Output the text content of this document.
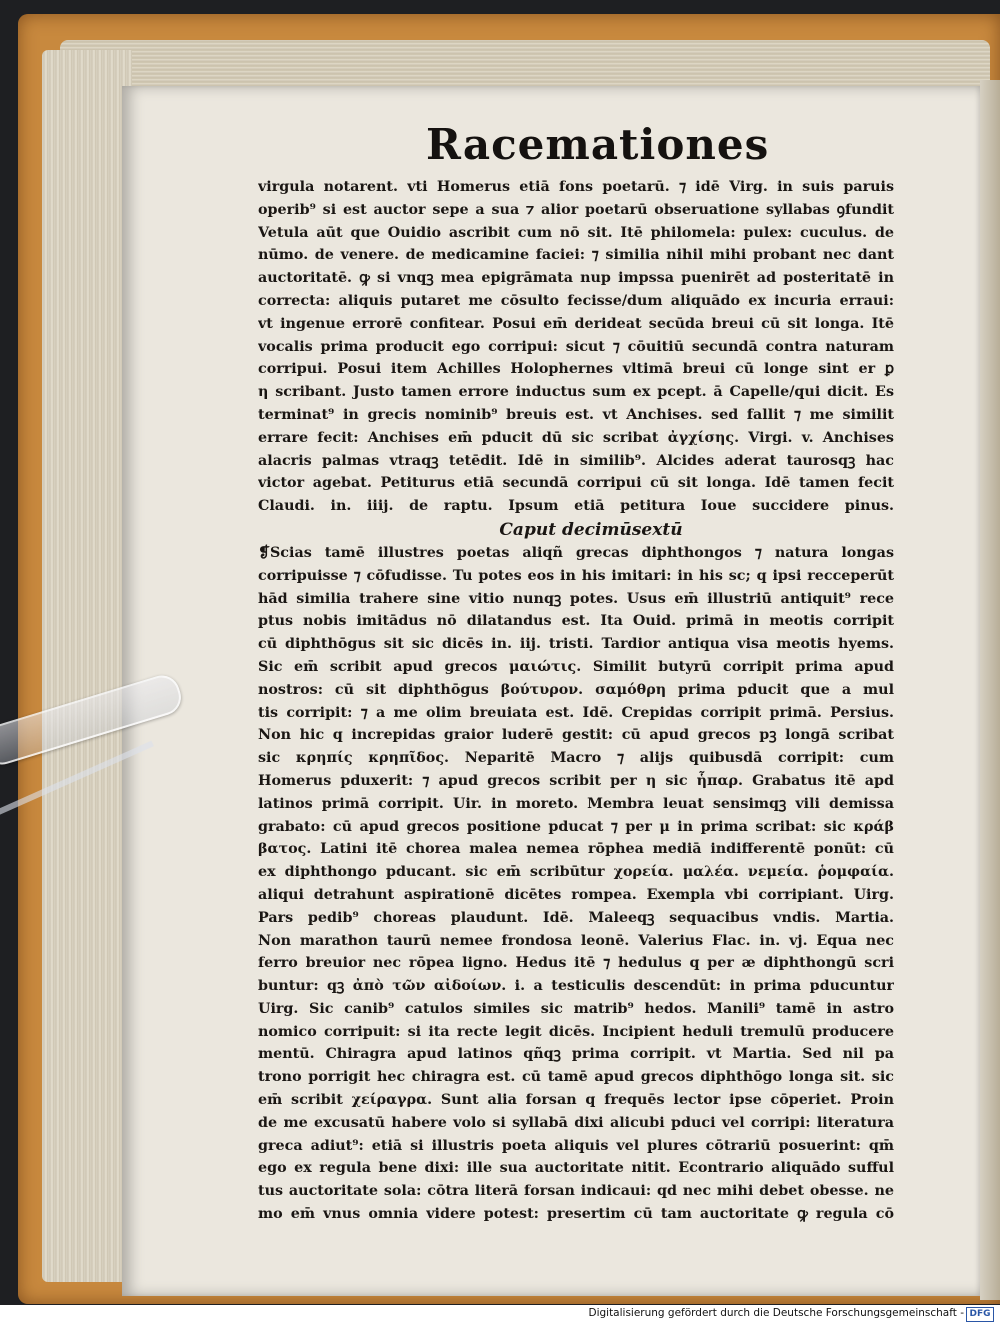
Racemationes
virgula notarent. vti Homerus etiā fons poetarū. ⁊ idē Virg. in suis paruis
operib⁹ si est auctor sepe a sua ⁊ alior poetarū obseruatione syllabas ꝯfundit
Vetula aūt que Ouidio ascribit cum nō sit. Itē philomela: pulex: cuculus. de
nūmo. de venere. de medicamine faciei: ⁊ similia nihil mihi probant nec dant
auctoritatē. ꝙ si vnqꝫ mea epigrāmata nup impssa puenirēt ad posteritatē in
correcta: aliquis putaret me cōsulto fecisse/dum aliquādo ex incuria erraui:
vt ingenue errorē confitear. Posui em̄ derideat secūda breui cū sit longa. Itē
vocalis prima producit ego corripui: sicut ⁊ cōuitiū secundā contra naturam
corripui. Posui item Achilles Holophernes vltimā breui cū longe sint er ꝑ
η scribant. Justo tamen errore inductus sum ex pcept. ā Capelle/qui dicit. Es
terminat⁹ in grecis nominib⁹ breuis est. vt Anchises. sed fallit ⁊ me similit
errare fecit: Anchises em̄ pducit dū sic scribat ἀγχίσης. Virgi. v. Anchises
alacris palmas vtraqꝫ tetēdit. Idē in similib⁹. Alcides aderat taurosqꝫ hac
victor agebat. Petiturus etiā secundā corripui cū sit longa. Idē tamen fecit
Claudi. in. iiij. de raptu. Ipsum etiā petitura Ioue succidere pinus.
Caput decimūsextū
❡Scias tamē illustres poetas aliqñ grecas diphthongos ⁊ natura longas
corripuisse ⁊ cōfudisse. Tu potes eos in his imitari: in his sc; q ipsi recceperūt
hād similia trahere sine vitio nunqꝫ potes. Usus em̄ illustriū antiquit⁹ rece
ptus nobis imitādus nō dilatandus est. Ita Ouid. primā in meotis corripit
cū diphthōgus sit sic dicēs in. iij. tristi. Tardior antiqua visa meotis hyems.
Sic em̄ scribit apud grecos μαιώτις. Similit butyrū corripit prima apud
nostros: cū sit diphthōgus βούτυρον. σαμόθρη prima pducit que a mul
tis corripit: ⁊ a me olim breuiata est. Idē. Crepidas corripit primā. Persius.
Non hic q increpidas graior luderē gestit: cū apud grecos pꝫ longā scribat
sic κρηπίς κρηπῖδος. Neparitē Macro ⁊ alijs quibusdā corripit: cum
Homerus pduxerit: ⁊ apud grecos scribit per η sic ἧπαρ. Grabatus itē apd
latinos primā corripit. Uir. in moreto. Membra leuat sensimqꝫ vili demissa
grabato: cū apud grecos positione pducat ⁊ per μ in prima scribat: sic κράβ
βατος. Latini itē chorea malea nemea rōphea mediā indifferentē ponūt: cū
ex diphthongo pducant. sic em̄ scribūtur χορεία. μαλέα. νεμεία. ῥομφαία.
aliqui detrahunt aspirationē dicētes rompea. Exempla vbi corripiant. Uirg.
Pars pedib⁹ choreas plaudunt. Idē. Maleeqꝫ sequacibus vndis. Martia.
Non marathon taurū nemee frondosa leonē. Valerius Flac. in. vj. Equa nec
ferro breuior nec rōpea ligno. Hedus itē ⁊ hedulus q per æ diphthongū scri
buntur: qꝫ ἀπὸ τῶν αἰδοίων. i. a testiculis descendūt: in prima pducuntur
Uirg. Sic canib⁹ catulos similes sic matrib⁹ hedos. Manili⁹ tamē in astro
nomico corripuit: si ita recte legit dicēs. Incipient heduli tremulū producere
mentū. Chiragra apud latinos qñqꝫ prima corripit. vt Martia. Sed nil pa
trono porrigit hec chiragra est. cū tamē apud grecos diphthōgo longa sit. sic
em̄ scribit χείραγρα. Sunt alia forsan q frequēs lector ipse cōperiet. Proin
de me excusatū habere volo si syllabā dixi alicubi pduci vel corripi: literatura
greca adiut⁹: etiā si illustris poeta aliquis vel plures cōtrariū posuerint: qm̄
ego ex regula bene dixi: ille sua auctoritate nitit. Econtrario aliquādo sufful
tus auctoritate sola: cōtra literā forsan indicaui: qd nec mihi debet obesse. ne
mo em̄ vnus omnia videre potest: presertim cū tam auctoritate ꝙ regula cō
Digitalisierung gefördert durch die Deutsche Forschungsgemeinschaft - DFG
